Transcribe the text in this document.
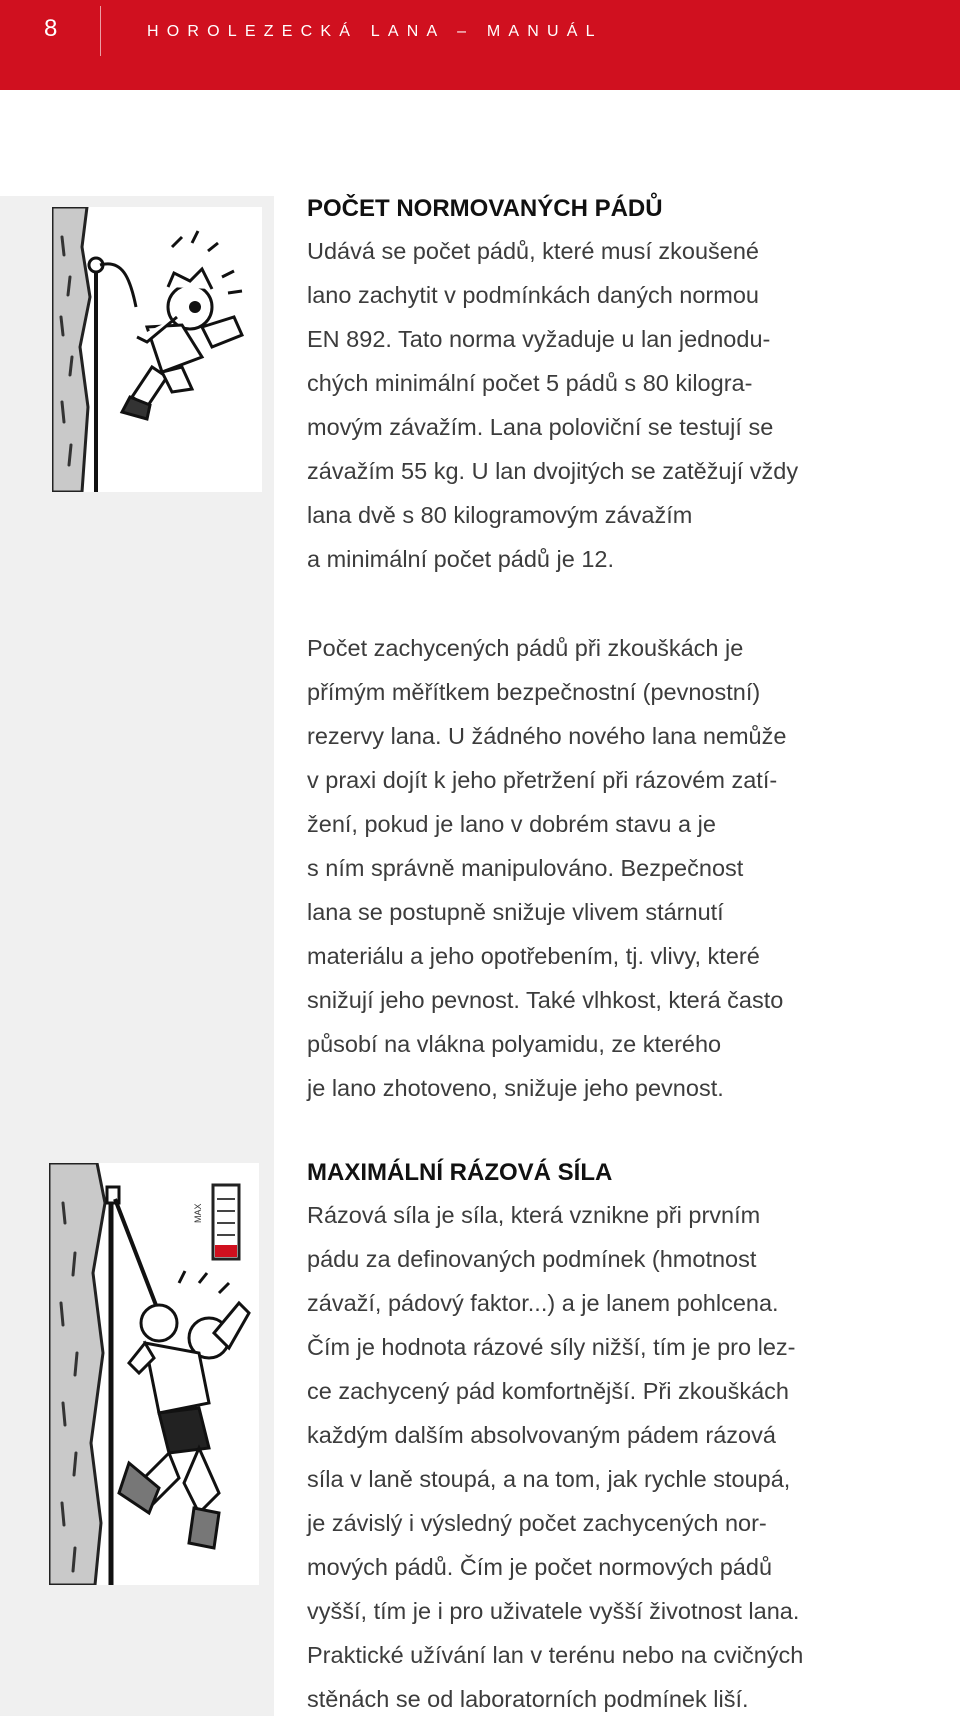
8	HOROLEZECKÁ LANA – MANUÁL
MAX
POČET NORMOVANÝCH PÁDŮ

Udává se počet pádů, které musí zkoušené
lano zachytit v podmínkách daných normou
EN 892. Tato norma vyžaduje u lan jednodu-
chých minimální počet 5 pádů s 80 kilogra-
movým závažím. Lana poloviční se testují se
závažím 55 kg. U lan dvojitých se zatěžují vždy
lana dvě s 80 kilogramovým závažím
a minimální počet pádů je 12.

Počet zachycených pádů při zkouškách je
přímým měřítkem bezpečnostní (pevnostní)
rezervy lana. U žádného nového lana nemůže
v praxi dojít k jeho přetržení při rázovém zatí-
žení, pokud je lano v dobrém stavu a je
s ním správně manipulováno. Bezpečnost
lana se postupně snižuje vlivem stárnutí
materiálu a jeho opotřebením, tj. vlivy, které
snižují jeho pevnost. Také vlhkost, která často
působí na vlákna polyamidu, ze kterého
je lano zhotoveno, snižuje jeho pevnost.

MAXIMÁLNÍ RÁZOVÁ SÍLA

Rázová síla je síla, která vznikne při prvním
pádu za definovaných podmínek (hmotnost
závaží, pádový faktor...) a je lanem pohlcena.
Čím je hodnota rázové síly nižší, tím je pro lez-
ce zachycený pád komfortnější. Při zkouškách
každým dalším absolvovaným pádem rázová
síla v laně stoupá, a na tom, jak rychle stoupá,
je závislý i výsledný počet zachycených nor-
mových pádů. Čím je počet normových pádů
vyšší, tím je i pro uživatele vyšší životnost lana.
Praktické užívání lan v terénu nebo na cvičných
stěnách se od laboratorních podmínek liší.
